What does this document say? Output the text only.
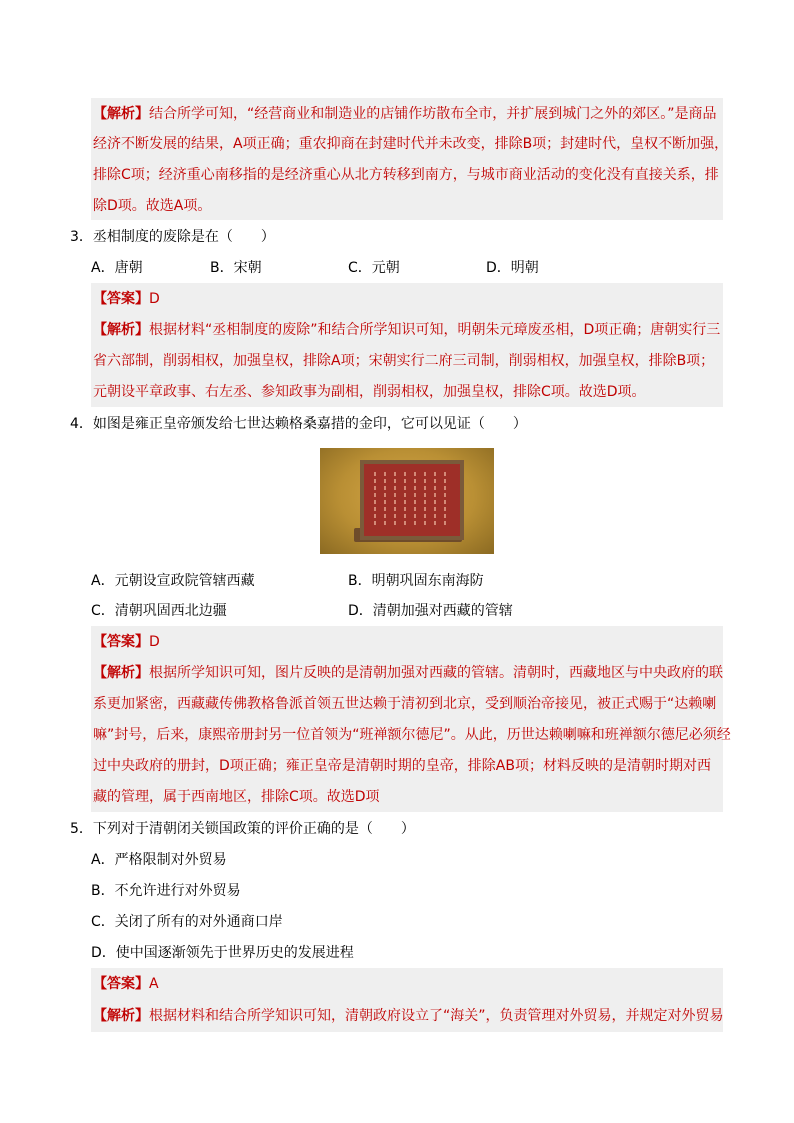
【解析】结合所学可知，“经营商业和制造业的店铺作坊散布全市，并扩展到城门之外的郊区。”是商品
经济不断发展的结果，A项正确；重农抑商在封建时代并未改变，排除B项；封建时代，皇权不断加强，
排除C项；经济重心南移指的是经济重心从北方转移到南方，与城市商业活动的变化没有直接关系，排
除D项。故选A项。
3．丞相制度的废除是在（　　）
A．唐朝	B．宋朝	C．元朝	D．明朝
【答案】D
【解析】根据材料“丞相制度的废除”和结合所学知识可知，明朝朱元璋废丞相，D项正确；唐朝实行三
省六部制，削弱相权，加强皇权，排除A项；宋朝实行二府三司制，削弱相权，加强皇权，排除B项；
元朝设平章政事、右左丞、参知政事为副相，削弱相权，加强皇权，排除C项。故选D项。
4．如图是雍正皇帝颁发给七世达赖格桑嘉措的金印，它可以见证（　　）
A．元朝设宣政院管辖西藏	B．明朝巩固东南海防
C．清朝巩固西北边疆	D．清朝加强对西藏的管辖
【答案】D
【解析】根据所学知识可知，图片反映的是清朝加强对西藏的管辖。清朝时，西藏地区与中央政府的联
系更加紧密，西藏藏传佛教格鲁派首领五世达赖于清初到北京，受到顺治帝接见，被正式赐于“达赖喇
嘛”封号，后来，康熙帝册封另一位首领为“班禅额尔德尼”。从此，历世达赖喇嘛和班禅额尔德尼必须经
过中央政府的册封，D项正确；雍正皇帝是清朝时期的皇帝，排除AB项；材料反映的是清朝时期对西
藏的管理，属于西南地区，排除C项。故选D项
5．下列对于清朝闭关锁国政策的评价正确的是（　　）
A．严格限制对外贸易
B．不允许进行对外贸易
C．关闭了所有的对外通商口岸
D．使中国逐渐领先于世界历史的发展进程
【答案】A
【解析】根据材料和结合所学知识可知，清朝政府设立了“海关”，负责管理对外贸易，并规定对外贸易
